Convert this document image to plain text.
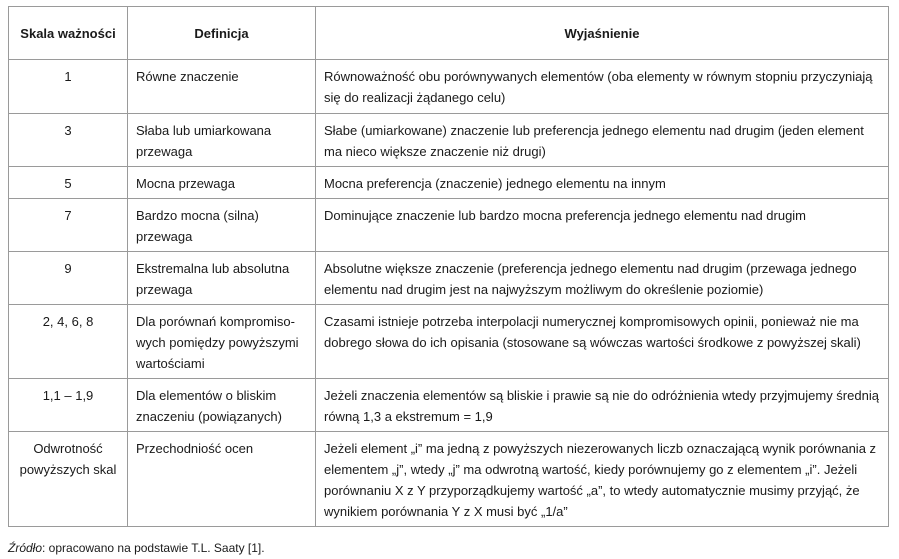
Skala ważności	Definicja	Wyjaśnienie

1	Równe znaczenie	Równoważność obu porównywanych elementów (oba elementy w równym stopniu przyczyniają się do realizacji żądanego celu)

3	Słaba lub umiarkowana przewaga	Słabe (umiarkowane) znaczenie lub preferencja jednego elementu nad drugim (jeden element ma nieco większe znaczenie niż drugi)

5	Mocna przewaga	Mocna preferencja (znaczenie) jednego elementu na innym

7	Bardzo mocna (silna) przewaga	Dominujące znaczenie lub bardzo mocna preferencja jednego elementu nad drugim

9	Ekstremalna lub absolutna przewaga	Absolutne większe znaczenie (preferencja jednego elementu nad drugim (przewaga jednego elementu nad drugim jest na najwyższym możliwym do określenie poziomie)

2, 4, 6, 8	Dla porównań kompromiso-wych pomiędzy powyższymi wartościami	Czasami istnieje potrzeba interpolacji numerycznej kompromisowych opinii, ponieważ nie ma dobrego słowa do ich opisania (stosowane są wówczas wartości środkowe z powyższej skali)

1,1 – 1,9	Dla elementów o bliskim znaczeniu (powiązanych)	Jeżeli znaczenia elementów są bliskie i prawie są nie do odróżnienia wtedy przyjmujemy średnią równą 1,3 a ekstremum = 1,9

Odwrotność powyższych skal	Przechodniość ocen	Jeżeli element „i” ma jedną z powyższych niezerowanych liczb oznaczającą wynik porównania z elementem „j”, wtedy „j” ma odwrotną wartość, kiedy porównujemy go z elementem „i”. Jeżeli porównaniu X z Y przyporządkujemy wartość „a”, to wtedy automatycznie musimy przyjąć, że wynikiem porównania Y z X musi być „1/a”
Źródło: opracowano na podstawie T.L. Saaty [1].
